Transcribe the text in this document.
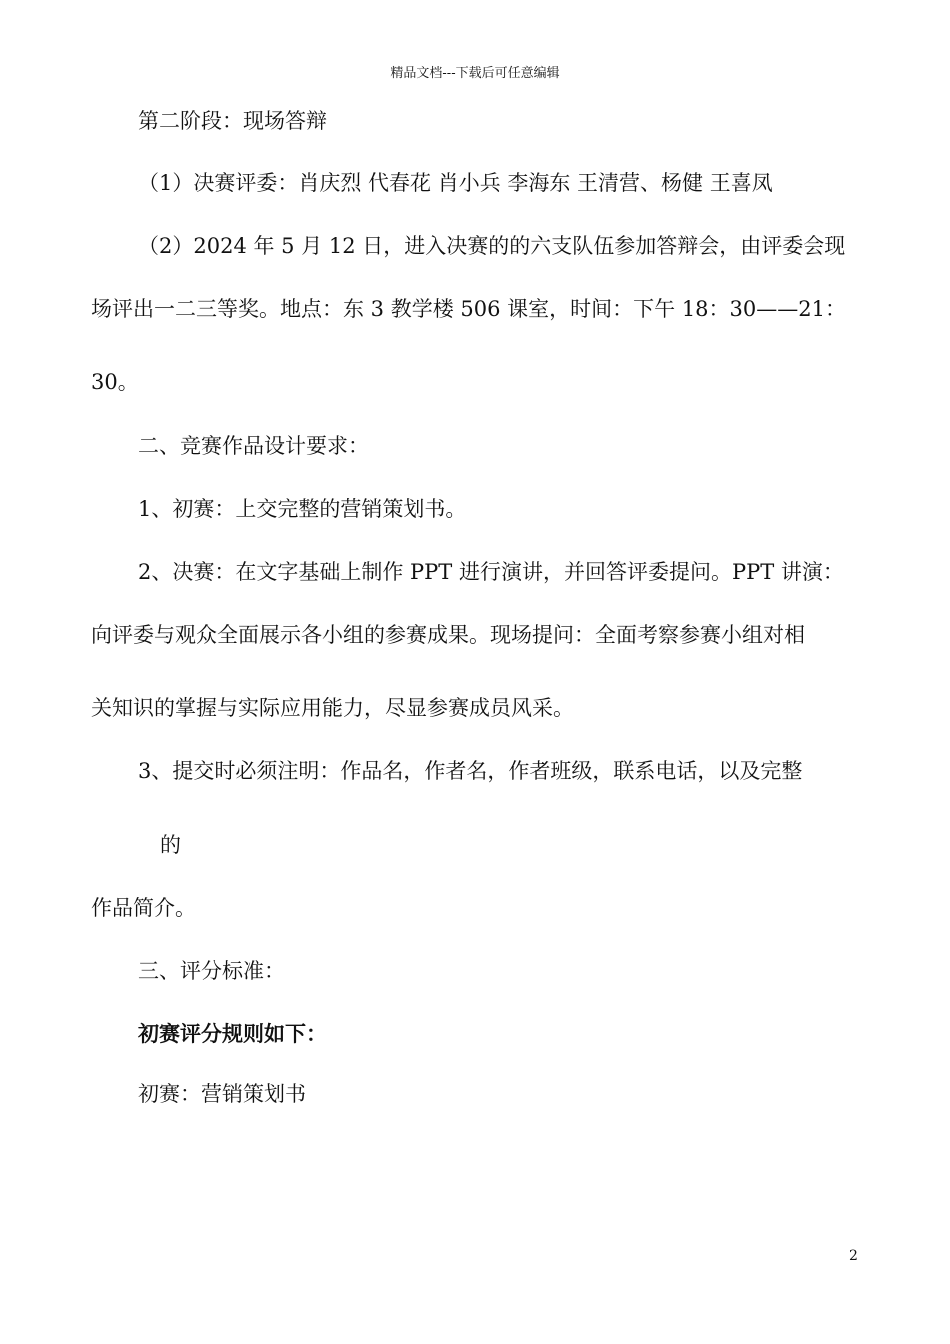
精品文档---下载后可任意编辑
第二阶段：现场答辩
（1）决赛评委：肖庆烈 代春花 肖小兵 李海东 王清营、杨健 王喜凤
（2）2024 年 5 月 12 日，进入决赛的的六支队伍参加答辩会，由评委会现
场评出一二三等奖。地点：东 3 教学楼 506 课室，时间：下午 18：30——21：
30。
二、竞赛作品设计要求：
1、初赛：上交完整的营销策划书。
2、决赛：在文字基础上制作 PPT 进行演讲，并回答评委提问。PPT 讲演：
向评委与观众全面展示各小组的参赛成果。现场提问：全面考察参赛小组对相
关知识的掌握与实际应用能力，尽显参赛成员风采。
3、提交时必须注明：作品名，作者名，作者班级，联系电话，以及完整
的
作品简介。
三、评分标准：
初赛评分规则如下：
初赛：营销策划书
2
